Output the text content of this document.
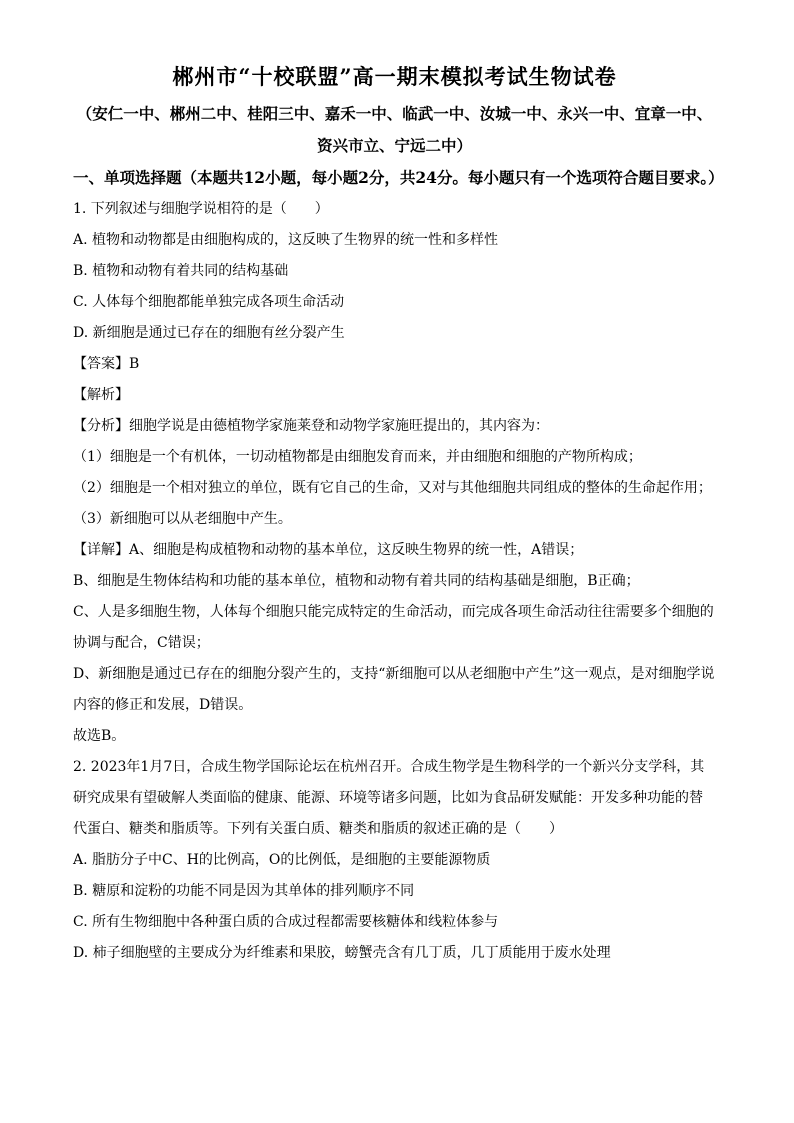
郴州市“十校联盟”高一期末模拟考试生物试卷

（安仁一中、郴州二中、桂阳三中、嘉禾一中、临武一中、汝城一中、永兴一中、宜章一中、资兴市立、宁远二中）

一、单项选择题（本题共12小题，每小题2分，共24分。每小题只有一个选项符合题目要求。）

1. 下列叙述与细胞学说相符的是（　　）

A. 植物和动物都是由细胞构成的，这反映了生物界的统一性和多样性

B. 植物和动物有着共同的结构基础

C. 人体每个细胞都能单独完成各项生命活动

D. 新细胞是通过已存在的细胞有丝分裂产生

【答案】B

【解析】

【分析】细胞学说是由德植物学家施莱登和动物学家施旺提出的，其内容为：

（1）细胞是一个有机体，一切动植物都是由细胞发育而来，并由细胞和细胞的产物所构成；

（2）细胞是一个相对独立的单位，既有它自己的生命，又对与其他细胞共同组成的整体的生命起作用；

（3）新细胞可以从老细胞中产生。

【详解】A、细胞是构成植物和动物的基本单位，这反映生物界的统一性，A错误；

B、细胞是生物体结构和功能的基本单位，植物和动物有着共同的结构基础是细胞，B正确；

C、人是多细胞生物，人体每个细胞只能完成特定的生命活动，而完成各项生命活动往往需要多个细胞的协调与配合，C错误；

D、新细胞是通过已存在的细胞分裂产生的，支持“新细胞可以从老细胞中产生”这一观点，是对细胞学说内容的修正和发展，D错误。

故选B。

2. 2023年1月7日，合成生物学国际论坛在杭州召开。合成生物学是生物科学的一个新兴分支学科，其研究成果有望破解人类面临的健康、能源、环境等诸多问题，比如为食品研发赋能：开发多种功能的替代蛋白、糖类和脂质等。下列有关蛋白质、糖类和脂质的叙述正确的是（　　）

A. 脂肪分子中C、H的比例高，O的比例低，是细胞的主要能源物质

B. 糖原和淀粉的功能不同是因为其单体的排列顺序不同

C. 所有生物细胞中各种蛋白质的合成过程都需要核糖体和线粒体参与

D. 柿子细胞壁的主要成分为纤维素和果胶，螃蟹壳含有几丁质，几丁质能用于废水处理
